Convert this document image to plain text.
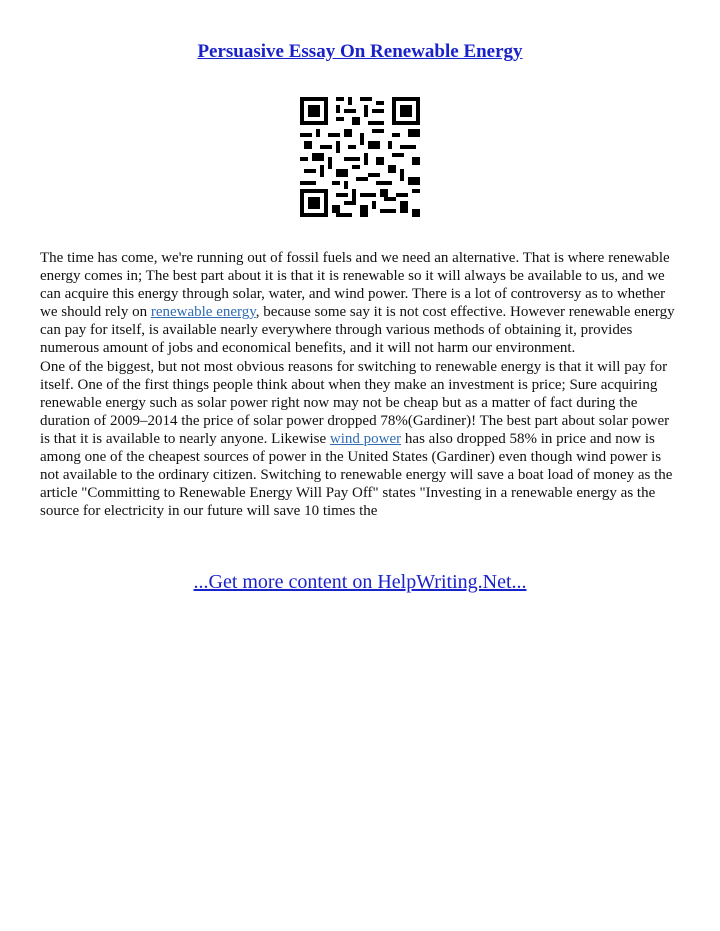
Persuasive Essay On Renewable Energy

The time has come, we're running out of fossil fuels and we need an alternative. That is where renewable energy comes in; The best part about it is that it is renewable so it will always be available to us, and we can acquire this energy through solar, water, and wind power. There is a lot of controversy as to whether we should rely on renewable energy, because some say it is not cost effective. However renewable energy can pay for itself, is available nearly everywhere through various methods of obtaining it, provides numerous amount of jobs and economical benefits, and it will not harm our environment.

One of the biggest, but not most obvious reasons for switching to renewable energy is that it will pay for itself. One of the first things people think about when they make an investment is price; Sure acquiring renewable energy such as solar power right now may not be cheap but as a matter of fact during the duration of 2009–2014 the price of solar power dropped 78%(Gardiner)! The best part about solar power is that it is available to nearly anyone. Likewise wind power has also dropped 58% in price and now is among one of the cheapest sources of power in the United States (Gardiner) even though wind power is not available to the ordinary citizen. Switching to renewable energy will save a boat load of money as the article "Committing to Renewable Energy Will Pay Off" states "Investing in a renewable energy as the source for electricity in our future will save 10 times the

...Get more content on HelpWriting.Net...
